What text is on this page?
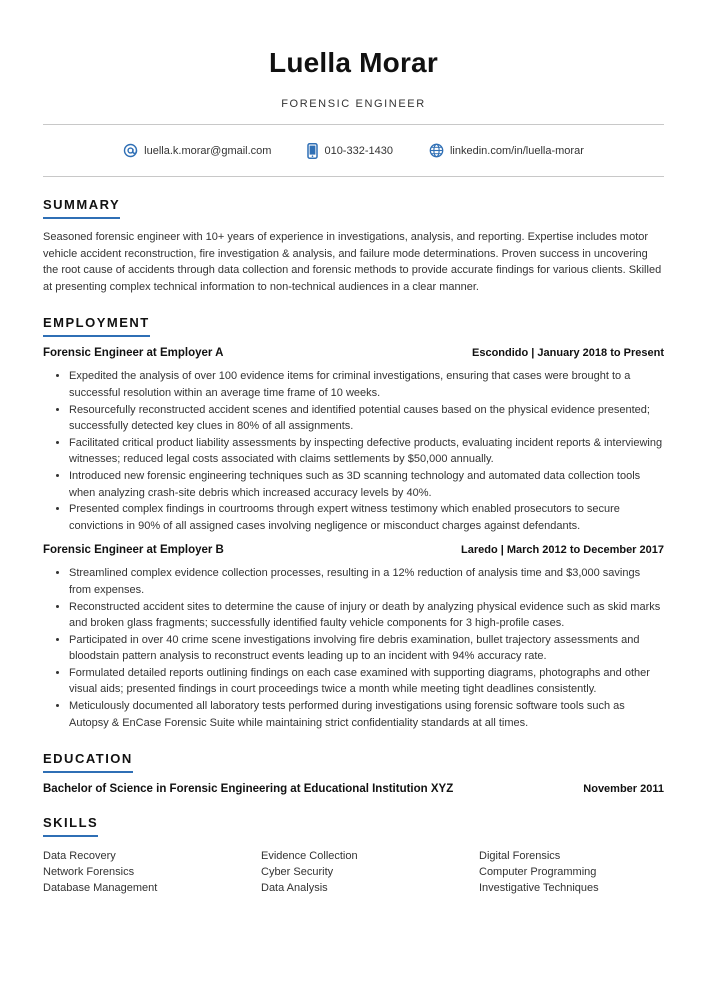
Luella Morar
FORENSIC ENGINEER
luella.k.morar@gmail.com	010-332-1430	linkedin.com/in/luella-morar
SUMMARY
Seasoned forensic engineer with 10+ years of experience in investigations, analysis, and reporting. Expertise includes motor vehicle accident reconstruction, fire investigation & analysis, and failure mode determinations. Proven success in uncovering the root cause of accidents through data collection and forensic methods to provide accurate findings for various clients. Skilled at presenting complex technical information to non-technical audiences in a clear manner.
EMPLOYMENT
Forensic Engineer at Employer A	Escondido | January 2018 to Present
• Expedited the analysis of over 100 evidence items for criminal investigations, ensuring that cases were brought to a successful resolution within an average time frame of 10 weeks.
• Resourcefully reconstructed accident scenes and identified potential causes based on the physical evidence presented; successfully detected key clues in 80% of all assignments.
• Facilitated critical product liability assessments by inspecting defective products, evaluating incident reports & interviewing witnesses; reduced legal costs associated with claims settlements by $50,000 annually.
• Introduced new forensic engineering techniques such as 3D scanning technology and automated data collection tools when analyzing crash-site debris which increased accuracy levels by 40%.
• Presented complex findings in courtrooms through expert witness testimony which enabled prosecutors to secure convictions in 90% of all assigned cases involving negligence or misconduct charges against defendants.
Forensic Engineer at Employer B	Laredo | March 2012 to December 2017
• Streamlined complex evidence collection processes, resulting in a 12% reduction of analysis time and $3,000 savings from expenses.
• Reconstructed accident sites to determine the cause of injury or death by analyzing physical evidence such as skid marks and broken glass fragments; successfully identified faulty vehicle components for 3 high-profile cases.
• Participated in over 40 crime scene investigations involving fire debris examination, bullet trajectory assessments and bloodstain pattern analysis to reconstruct events leading up to an incident with 94% accuracy rate.
• Formulated detailed reports outlining findings on each case examined with supporting diagrams, photographs and other visual aids; presented findings in court proceedings twice a month while meeting tight deadlines consistently.
• Meticulously documented all laboratory tests performed during investigations using forensic software tools such as Autopsy & EnCase Forensic Suite while maintaining strict confidentiality standards at all times.
EDUCATION
Bachelor of Science in Forensic Engineering at Educational Institution XYZ	November 2011
SKILLS
Data Recovery	Evidence Collection	Digital Forensics
Network Forensics	Cyber Security	Computer Programming
Database Management	Data Analysis	Investigative Techniques
